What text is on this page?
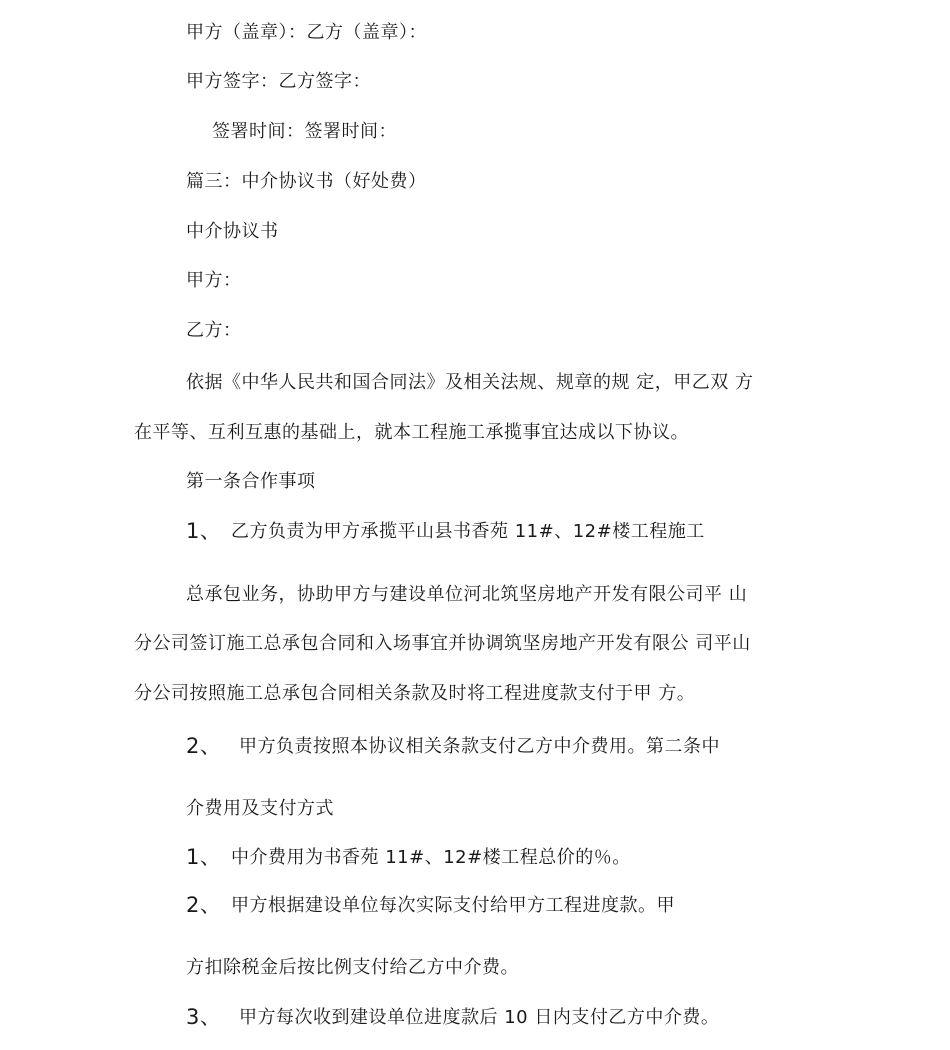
甲方（盖章）：乙方（盖章）：
甲方签字：乙方签字：
签署时间：签署时间：
篇三：中介协议书（好处费）
中介协议书
甲方：
乙方：
依据《中华人民共和国合同法》及相关法规、规章的规 定，甲乙双 方
在平等、互利互惠的基础上，就本工程施工承揽事宜达成以下协议。
第一条合作事项
1、 乙方负责为甲方承揽平山县书香苑 11#、12#楼工程施工
总承包业务，协助甲方与建设单位河北筑坚房地产开发有限公司平 山
分公司签订施工总承包合同和入场事宜并协调筑坚房地产开发有限公 司平山
分公司按照施工总承包合同相关条款及时将工程进度款支付于甲 方。
2、 甲方负责按照本协议相关条款支付乙方中介费用。第二条中
介费用及支付方式
1、 中介费用为书香苑 11#、12#楼工程总价的％。
2、 甲方根据建设单位每次实际支付给甲方工程进度款。甲
方扣除税金后按比例支付给乙方中介费。
3、 甲方每次收到建设单位进度款后 10 日内支付乙方中介费。
